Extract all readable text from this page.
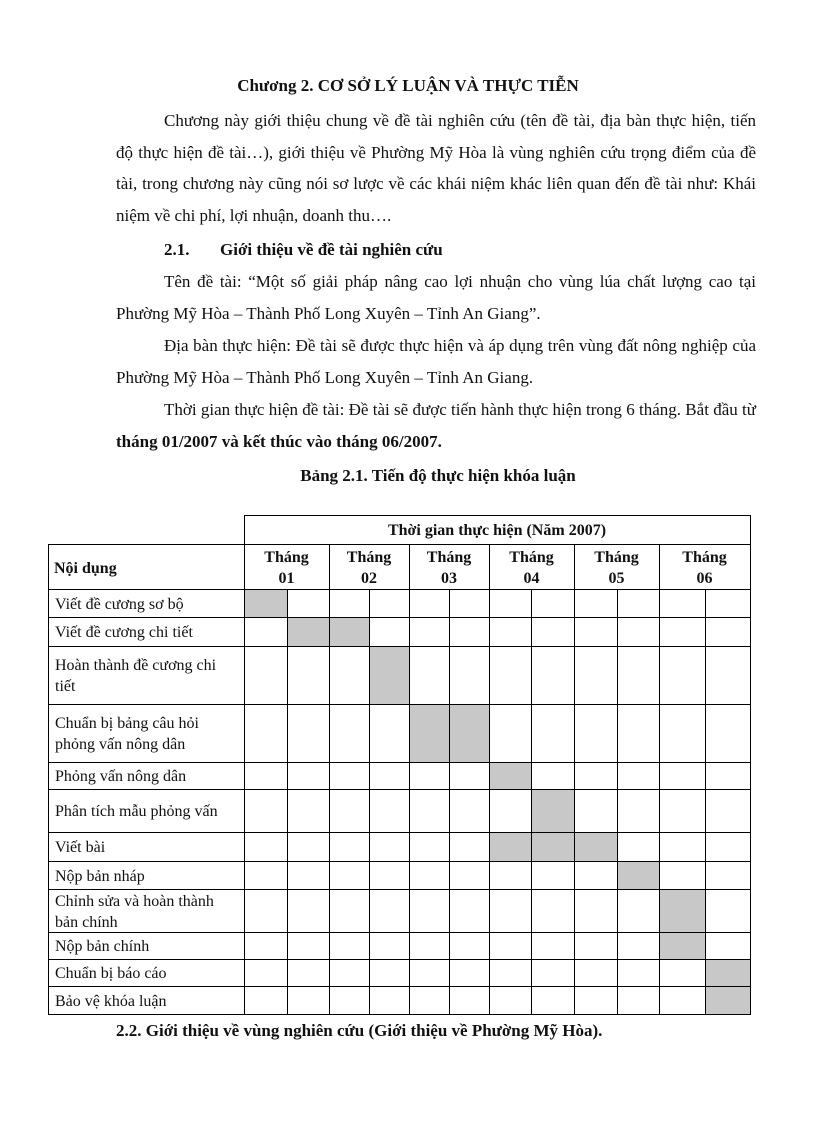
Chương 2. CƠ SỞ LÝ LUẬN VÀ THỰC TIỄN

Chương này giới thiệu chung về đề tài nghiên cứu (tên đề tài, địa bàn thực hiện, tiến độ thực hiện đề tài…), giới thiệu về Phường Mỹ Hòa là vùng nghiên cứu trọng điểm của đề tài, trong chương này cũng nói sơ lược về các khái niệm khác liên quan đến đề tài như: Khái niệm về chi phí, lợi nhuận, doanh thu….

2.1. Giới thiệu về đề tài nghiên cứu

Tên đề tài: “Một số giải pháp nâng cao lợi nhuận cho vùng lúa chất lượng cao tại Phường Mỹ Hòa – Thành Phố Long Xuyên – Tỉnh An Giang”.

Địa bàn thực hiện: Đề tài sẽ được thực hiện và áp dụng trên vùng đất nông nghiệp của Phường Mỹ Hòa – Thành Phố Long Xuyên – Tỉnh An Giang.

Thời gian thực hiện đề tài: Đề tài sẽ được tiến hành thực hiện trong 6 tháng. Bắt đầu từ tháng 01/2007 và kết thúc vào tháng 06/2007.

Bảng 2.1. Tiến độ thực hiện khóa luận
Thời gian thực hiện (Năm 2007)
Nội dụng
Tháng
01
Tháng
02
Tháng
03
Tháng
04
Tháng
05
Tháng
06
Viết đề cương sơ bộ
Viết đề cương chi tiết
Hoàn thành đề cương chi tiết
Chuẩn bị bảng câu hỏi phỏng vấn nông dân
Phỏng vấn nông dân
Phân tích mẫu phỏng vấn
Viết bài
Nộp bản nháp
Chỉnh sửa và hoàn thành bản chính
Nộp bản chính
Chuẩn bị báo cáo
Bảo vệ khóa luận
2.2. Giới thiệu về vùng nghiên cứu (Giới thiệu về Phường Mỹ Hòa).
